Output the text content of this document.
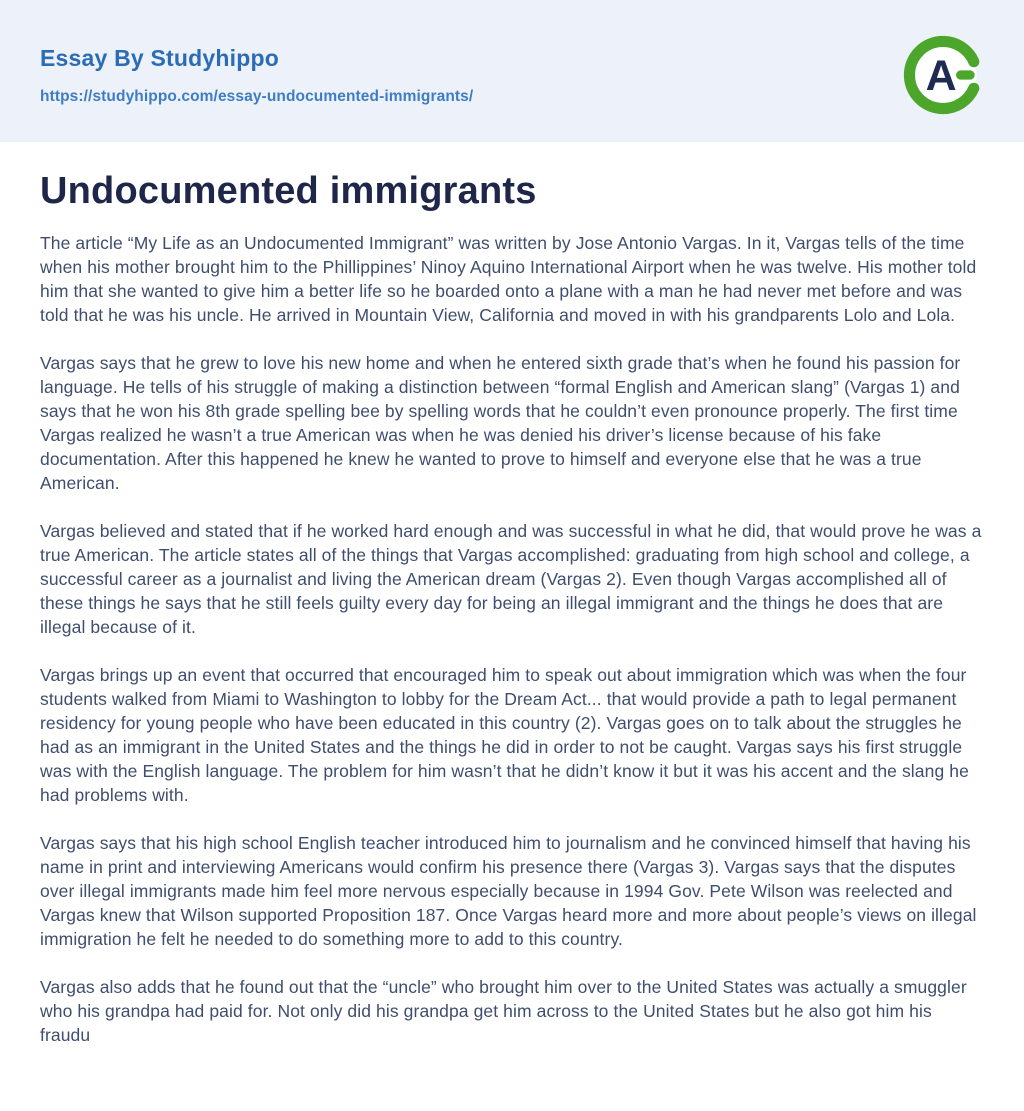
Essay By Studyhippo
https://studyhippo.com/essay-undocumented-immigrants/	A
Undocumented immigrants

The article “My Life as an Undocumented Immigrant” was written by Jose Antonio Vargas. In it, Vargas tells of the time when his mother brought him to the Phillippines’ Ninoy Aquino International Airport when he was twelve. His mother told him that she wanted to give him a better life so he boarded onto a plane with a man he had never met before and was told that he was his uncle. He arrived in Mountain View, California and moved in with his grandparents Lolo and Lola.

Vargas says that he grew to love his new home and when he entered sixth grade that’s when he found his passion for language. He tells of his struggle of making a distinction between “formal English and American slang” (Vargas 1) and says that he won his 8th grade spelling bee by spelling words that he couldn’t even pronounce properly. The first time Vargas realized he wasn’t a true American was when he was denied his driver’s license because of his fake documentation. After this happened he knew he wanted to prove to himself and everyone else that he was a true American.

Vargas believed and stated that if he worked hard enough and was successful in what he did, that would prove he was a true American. The article states all of the things that Vargas accomplished: graduating from high school and college, a successful career as a journalist and living the American dream (Vargas 2). Even though Vargas accomplished all of these things he says that he still feels guilty every day for being an illegal immigrant and the things he does that are illegal because of it.

Vargas brings up an event that occurred that encouraged him to speak out about immigration which was when the four students walked from Miami to Washington to lobby for the Dream Act... that would provide a path to legal permanent residency for young people who have been educated in this country (2). Vargas goes on to talk about the struggles he had as an immigrant in the United States and the things he did in order to not be caught. Vargas says his first struggle was with the English language. The problem for him wasn’t that he didn’t know it but it was his accent and the slang he had problems with.

Vargas says that his high school English teacher introduced him to journalism and he convinced himself that having his name in print and interviewing Americans would confirm his presence there (Vargas 3). Vargas says that the disputes over illegal immigrants made him feel more nervous especially because in 1994 Gov. Pete Wilson was reelected and Vargas knew that Wilson supported Proposition 187. Once Vargas heard more and more about people’s views on illegal immigration he felt he needed to do something more to add to this country.

Vargas also adds that he found out that the “uncle” who brought him over to the United States was actually a smuggler who his grandpa had paid for. Not only did his grandpa get him across to the United States but he also got him his fraudu
